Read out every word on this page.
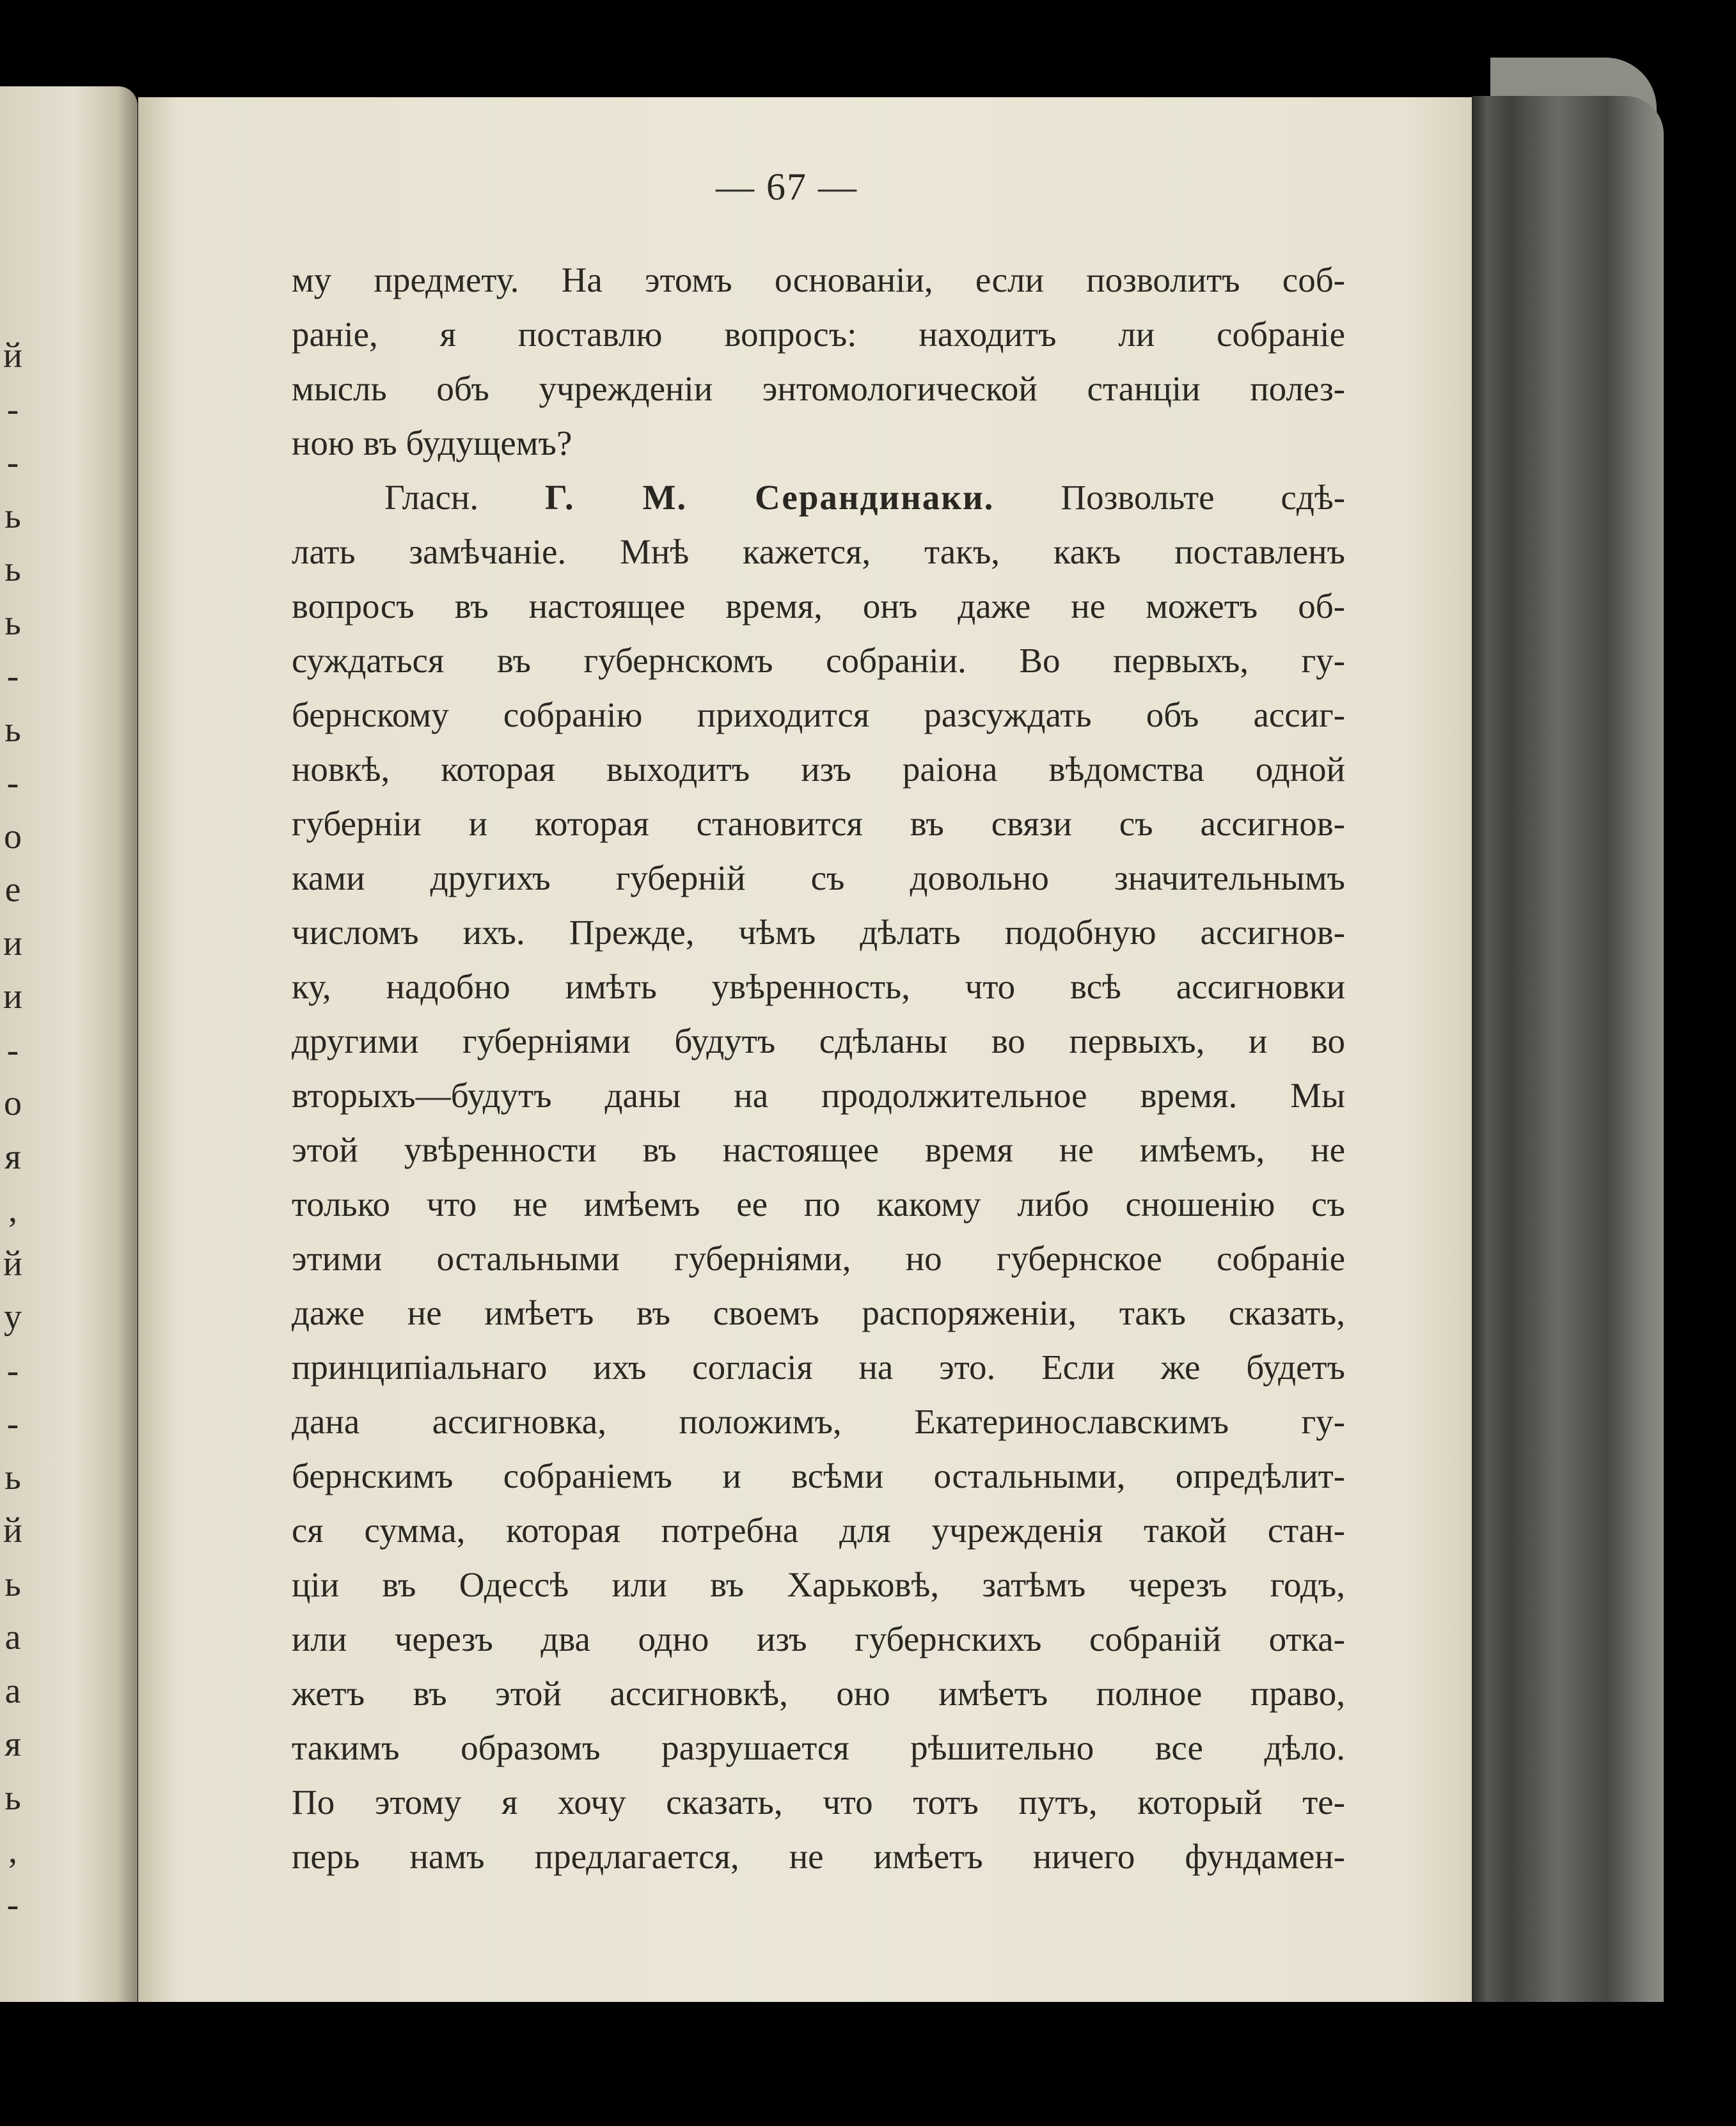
й
-
-
ь
ь
ь
-
ь
-
о
е
и
и
-
о
я
,
й
у
-
-
ь
й
ь
а
а
я
ь
,
-
— 67 —
му предмету. На этомъ основанiи, если позволитъ соб-
ранiе, я поставлю вопросъ: находитъ ли собранiе
мысль объ учрежденiи энтомологической станцiи полез-
ною въ будущемъ?
Гласн. Г. М. Серандинаки. Позвольте сдѣ-
лать замѣчанiе. Мнѣ кажется, такъ, какъ поставленъ
вопросъ въ настоящее время, онъ даже не можетъ об-
суждаться въ губернскомъ собранiи. Во первыхъ, гу-
бернскому собранiю приходится разсуждать объ ассиг-
новкѣ, которая выходитъ изъ раiона вѣдомства одной
губернiи и которая становится въ связи съ ассигнов-
ками другихъ губернiй съ довольно значительнымъ
числомъ ихъ. Прежде, чѣмъ дѣлать подобную ассигнов-
ку, надобно имѣть увѣренность, что всѣ ассигновки
другими губернiями будутъ сдѣланы во первыхъ, и во
вторыхъ—будутъ даны на продолжительное время. Мы
этой увѣренности въ настоящее время не имѣемъ, не
только что не имѣемъ ее по какому либо сношенiю съ
этими остальными губернiями, но губернское собранiе
даже не имѣетъ въ своемъ распоряженiи, такъ сказать,
принципiальнаго ихъ согласiя на это. Если же будетъ
дана ассигновка, положимъ, Екатеринославскимъ гу-
бернскимъ собранiемъ и всѣми остальными, опредѣлит-
ся сумма, которая потребна для учрежденiя такой стан-
цiи въ Одессѣ или въ Харьковѣ, затѣмъ черезъ годъ,
или черезъ два одно изъ губернскихъ собранiй отка-
жетъ въ этой ассигновкѣ, оно имѣетъ полное право,
такимъ образомъ разрушается рѣшительно все дѣло.
По этому я хочу сказать, что тотъ путъ, который те-
перь намъ предлагается, не имѣетъ ничего фундамен-
